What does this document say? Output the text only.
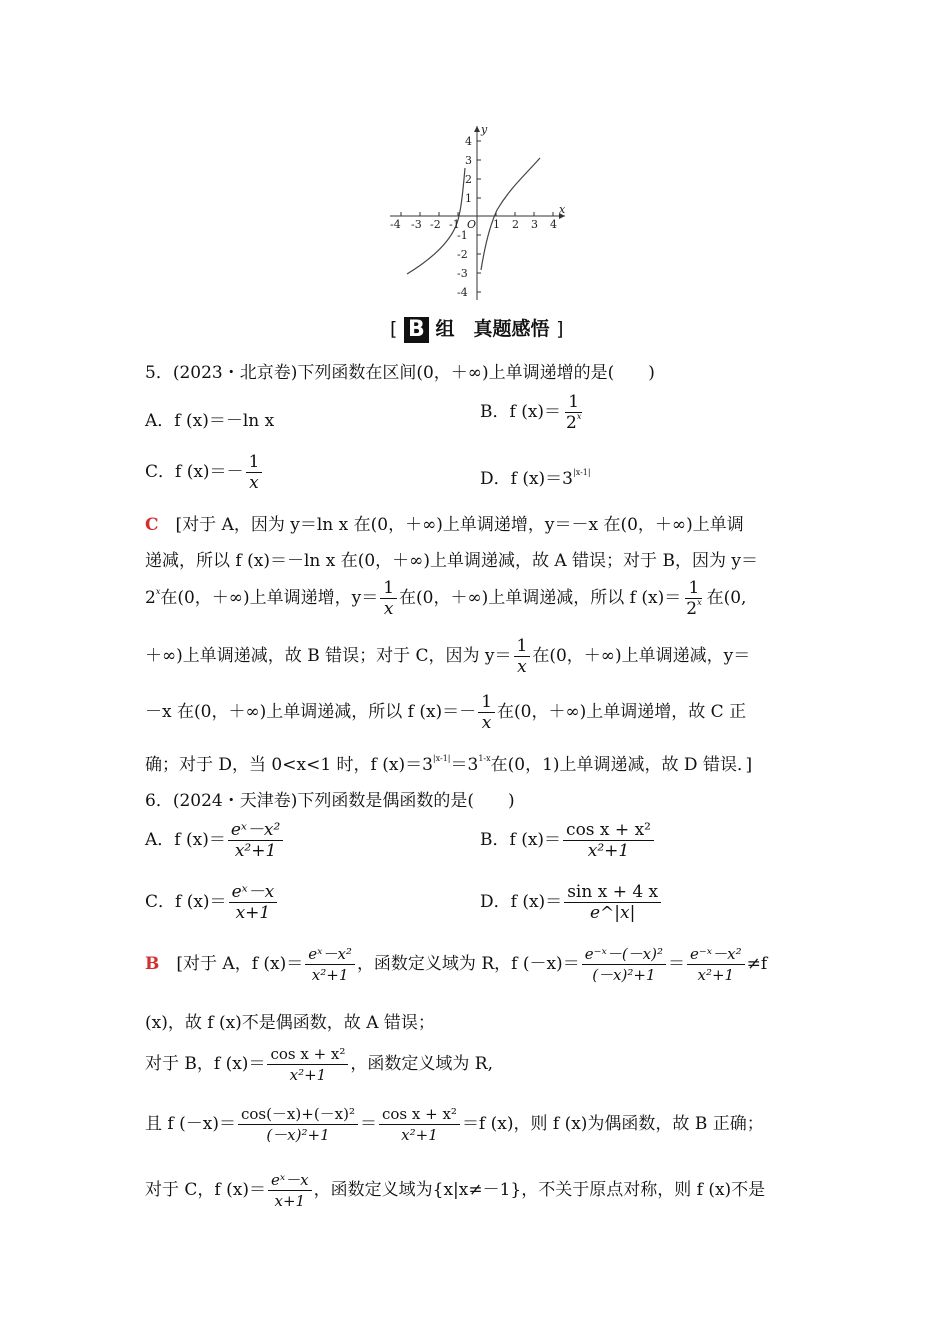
y
x
O
-4 -3 -2 -1	1 2 3 4
4
3
2
1
-1
-2
-3
-4
[ B 组　真题感悟 ]
5．(2023・北京卷)下列函数在区间(0，＋∞)上单调递增的是(　　)
A．f (x)＝－ln x	B．f $(x)= \frac{1}{2^x}$
C．f $(x)=- \frac{1}{x}$	D．f $(x)=3^{|x-1|}$
C　 [对于 A，因为 y＝ln x 在(0，＋∞)上单调递增，y＝－x 在(0，＋∞)上单调
递减，所以 f (x)＝－ln x 在(0，＋∞)上单调递减，故 A 错误；对于 B，因为 y＝
$2^x$在(0，＋∞)上单调递增，$y= \frac{1}{x}$ 在(0，＋∞)上单调递减，所以 f $(x)= \frac{1}{2^x}$ 在(0,
＋∞)上单调递减，故 B 错误；对于 C，因为 $y= \frac{1}{x}$ 在(0，＋∞)上单调递减，y＝
－x 在(0，＋∞)上单调递减，所以 f $(x)=- \frac{1}{x}$ 在(0，＋∞)上单调递增，故 C 正
确；对于 D，当 0<x<1 时，f $(x)=3^{|x-1|}=3^{1-x}$在(0，1)上单调递减，故 D 错误．]
6．(2024・天津卷)下列函数是偶函数的是(　　)
A．f $(x)= \frac{\text{eˣ－x²}}{\text{x²+1}}$	B．f $(x)= \frac{\text{cos x + x²}}{\text{x²+1}}$
C．f $(x)= \frac{\text{eˣ－x}}{x+1}$	D．f $(x)= \frac{\text{sin x + 4 x}}{e\^{}|x|}$
B　 [对于 A，f $(x)= \frac{\text{eˣ－x²}}{\text{x²+1}}$ ，函数定义域为 R，f $(-x)= \frac{\text{e⁻ˣ－(－x)²}}{\text{(－x)²+1}} = \frac{\text{e⁻ˣ－x²}}{\text{x²+1}} \ne f$
(x)，故 f (x)不是偶函数，故 A 错误；
对于 B，f $(x)= \frac{\text{cos x + x²}}{\text{x²+1}}$ ，函数定义域为 R,
且 f $(-x)= \frac{\text{cos(－x)+(－x)²}}{\text{(－x)²+1}} = \frac{\text{cos x + x²}}{\text{x²+1}} =f$ (x)，则 f (x)为偶函数，故 B 正确；
对于 C，f $(x)= \frac{\text{eˣ－x}}{x+1}$ ，函数定义域为{x|x≠－1}，不关于原点对称，则 f (x)不是
